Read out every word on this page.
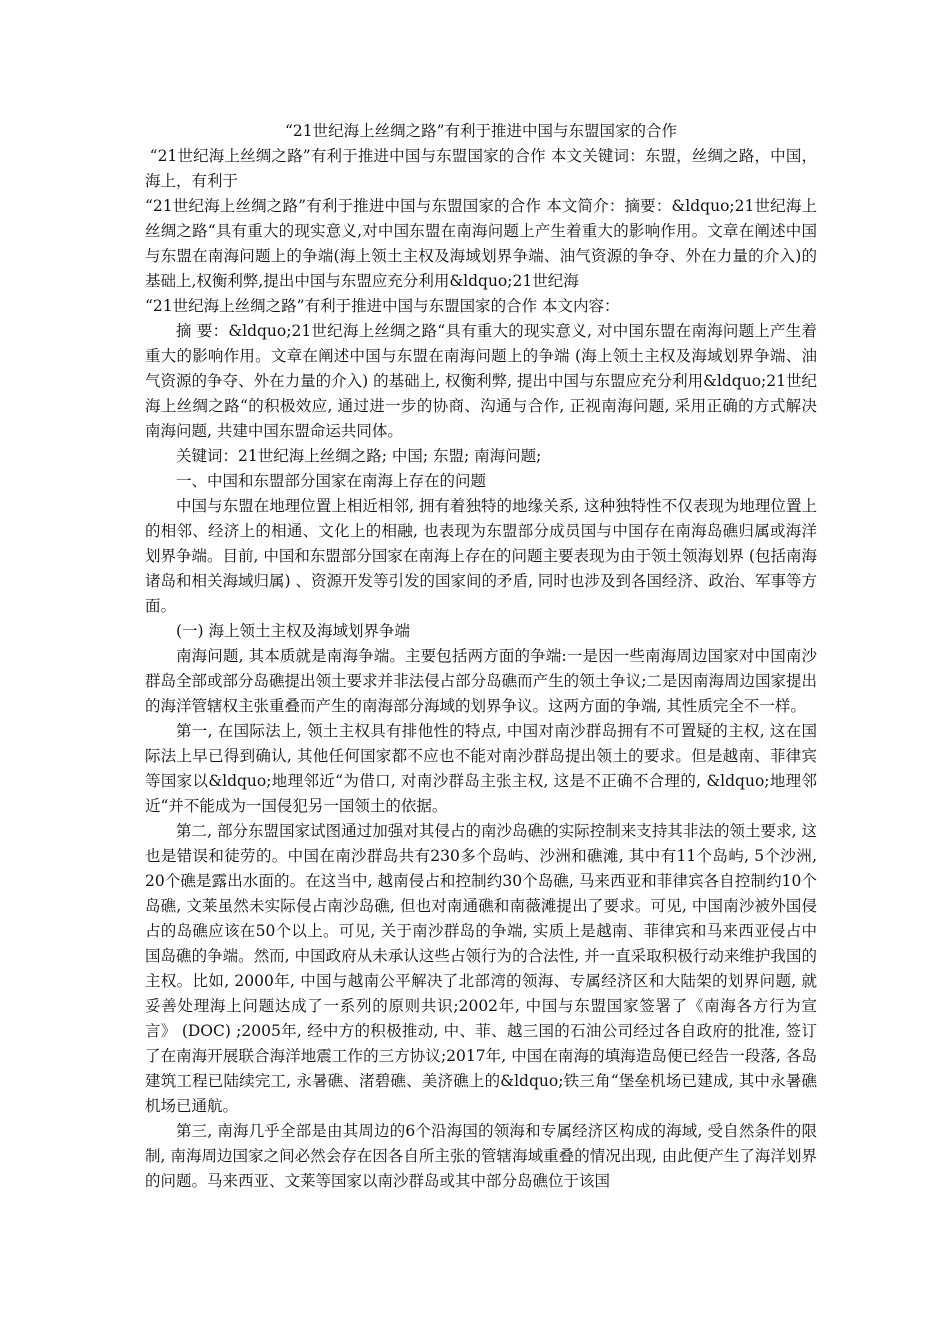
“21世纪海上丝绸之路”有利于推进中国与东盟国家的合作

“21世纪海上丝绸之路”有利于推进中国与东盟国家的合作 本文关键词：东盟，丝绸之路，中国，海上，有利于

“21世纪海上丝绸之路”有利于推进中国与东盟国家的合作 本文简介：摘要：&ldquo;21世纪海上丝绸之路“具有重大的现实意义,对中国东盟在南海问题上产生着重大的影响作用。文章在阐述中国与东盟在南海问题上的争端(海上领土主权及海域划界争端、油气资源的争夺、外在力量的介入)的基础上,权衡利弊,提出中国与东盟应充分利用&ldquo;21世纪海

“21世纪海上丝绸之路”有利于推进中国与东盟国家的合作 本文内容：

摘 要：&ldquo;21世纪海上丝绸之路“具有重大的现实意义, 对中国东盟在南海问题上产生着重大的影响作用。文章在阐述中国与东盟在南海问题上的争端 (海上领土主权及海域划界争端、油气资源的争夺、外在力量的介入) 的基础上, 权衡利弊, 提出中国与东盟应充分利用&ldquo;21世纪海上丝绸之路“的积极效应, 通过进一步的协商、沟通与合作, 正视南海问题, 采用正确的方式解决南海问题, 共建中国东盟命运共同体。

关键词：21世纪海上丝绸之路; 中国; 东盟; 南海问题;

一、中国和东盟部分国家在南海上存在的问题

中国与东盟在地理位置上相近相邻, 拥有着独特的地缘关系, 这种独特性不仅表现为地理位置上的相邻、经济上的相通、文化上的相融, 也表现为东盟部分成员国与中国存在南海岛礁归属或海洋划界争端。目前, 中国和东盟部分国家在南海上存在的问题主要表现为由于领土领海划界 (包括南海诸岛和相关海域归属) 、资源开发等引发的国家间的矛盾, 同时也涉及到各国经济、政治、军事等方面。

(一) 海上领土主权及海域划界争端

南海问题, 其本质就是南海争端。主要包括两方面的争端:一是因一些南海周边国家对中国南沙群岛全部或部分岛礁提出领土要求并非法侵占部分岛礁而产生的领土争议;二是因南海周边国家提出的海洋管辖权主张重叠而产生的南海部分海域的划界争议。这两方面的争端, 其性质完全不一样。

第一, 在国际法上, 领土主权具有排他性的特点, 中国对南沙群岛拥有不可置疑的主权, 这在国际法上早已得到确认, 其他任何国家都不应也不能对南沙群岛提出领土的要求。但是越南、菲律宾等国家以&ldquo;地理邻近“为借口, 对南沙群岛主张主权, 这是不正确不合理的, &ldquo;地理邻近“并不能成为一国侵犯另一国领土的依据。

第二, 部分东盟国家试图通过加强对其侵占的南沙岛礁的实际控制来支持其非法的领土要求, 这也是错误和徒劳的。中国在南沙群岛共有230多个岛屿、沙洲和礁滩, 其中有11个岛屿, 5个沙洲, 20个礁是露出水面的。在这当中, 越南侵占和控制约30个岛礁, 马来西亚和菲律宾各自控制约10个岛礁, 文莱虽然未实际侵占南沙岛礁, 但也对南通礁和南薇滩提出了要求。可见, 中国南沙被外国侵占的岛礁应该在50个以上。可见, 关于南沙群岛的争端, 实质上是越南、菲律宾和马来西亚侵占中国岛礁的争端。然而, 中国政府从未承认这些占领行为的合法性, 并一直采取积极行动来维护我国的主权。比如, 2000年, 中国与越南公平解决了北部湾的领海、专属经济区和大陆架的划界问题, 就妥善处理海上问题达成了一系列的原则共识;2002年, 中国与东盟国家签署了《南海各方行为宣言》 (DOC) ;2005年, 经中方的积极推动, 中、菲、越三国的石油公司经过各自政府的批准, 签订了在南海开展联合海洋地震工作的三方协议;2017年, 中国在南海的填海造岛便已经告一段落, 各岛建筑工程已陆续完工, 永暑礁、渚碧礁、美济礁上的&ldquo;铁三角“堡垒机场已建成, 其中永暑礁机场已通航。

第三, 南海几乎全部是由其周边的6个沿海国的领海和专属经济区构成的海域, 受自然条件的限制, 南海周边国家之间必然会存在因各自所主张的管辖海域重叠的情况出现, 由此便产生了海洋划界的问题。马来西亚、文莱等国家以南沙群岛或其中部分岛礁位于该国
